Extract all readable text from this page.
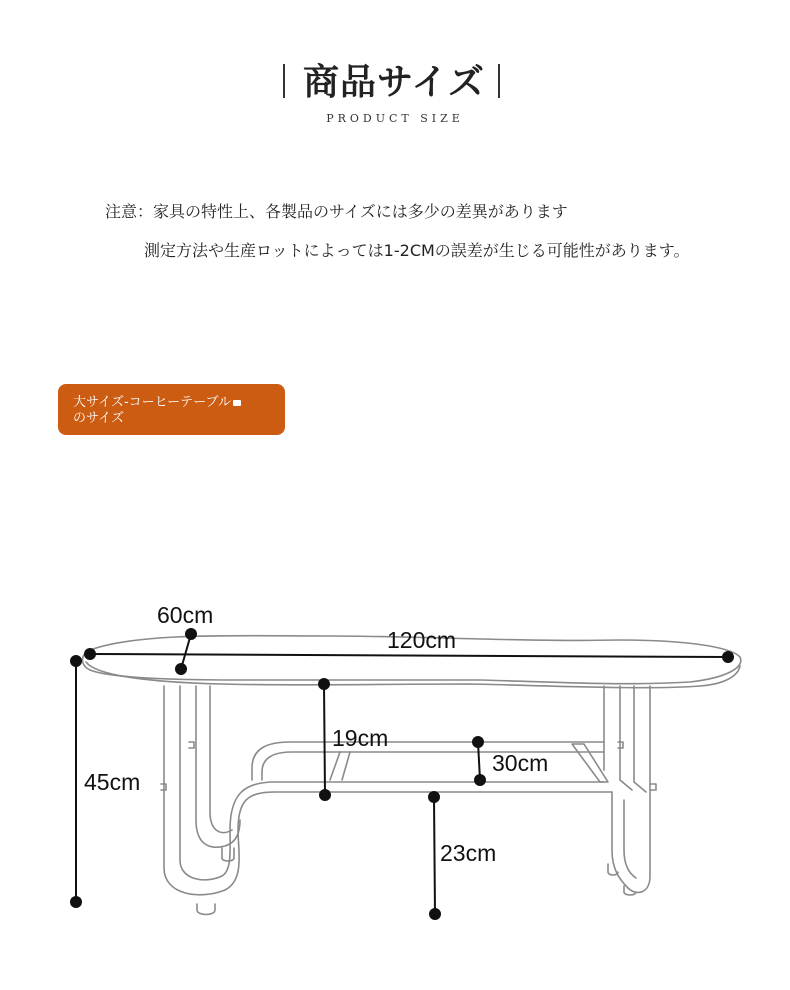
商品サイズ
PRODUCT SIZE
注意：家具の特性上、各製品のサイズには多少の差異があります
測定方法や生産ロットによっては1-2CMの誤差が生じる可能性があります。
大サイズ-コーヒーテーブル
のサイズ
60cm
120cm
45cm
19cm
30cm
23cm
